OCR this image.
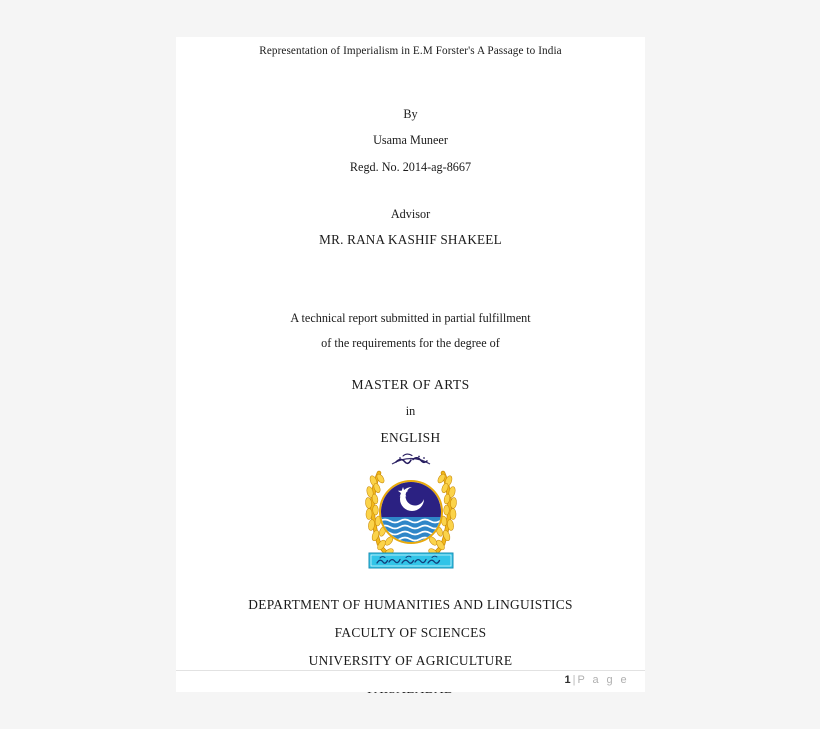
Representation of Imperialism in E.M Forster's A Passage to India
By
Usama Muneer
Regd. No. 2014-ag-8667
Advisor
MR. RANA KASHIF SHAKEEL
A technical report submitted in partial fulfillment
of the requirements for the degree of
MASTER OF ARTS
in
ENGLISH
DEPARTMENT OF HUMANITIES AND LINGUISTICS
FACULTY OF SCIENCES
UNIVERSITY OF AGRICULTURE
1 | P a g e
